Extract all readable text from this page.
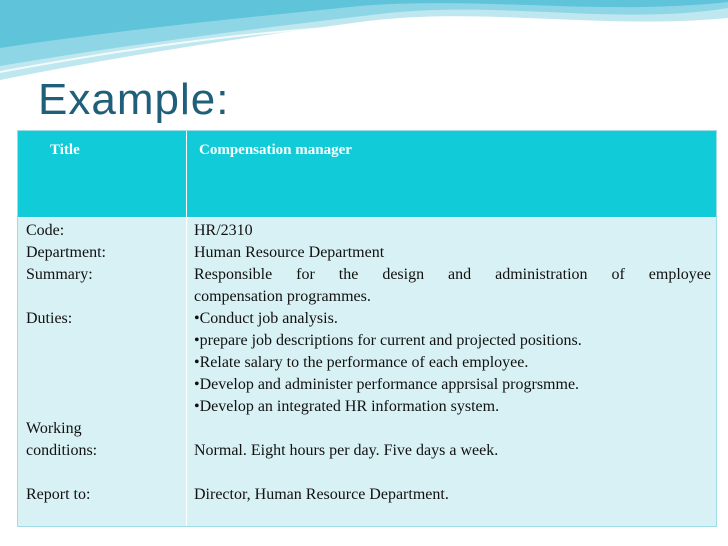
Example:
Title	Compensation manager
Code:
Department:
Summary:
Duties:
Working
conditions:
Report to:
HR/2310
Human Resource Department
Responsible for the design and administration of employee
compensation programmes.
• Conduct job analysis.
• prepare job descriptions for current and projected positions.
• Relate salary to the performance of each employee.
• Develop and administer performance apprsisal progrsmme.
• Develop an integrated HR information system.
Normal. Eight hours per day. Five days a week.
Director, Human Resource Department.
